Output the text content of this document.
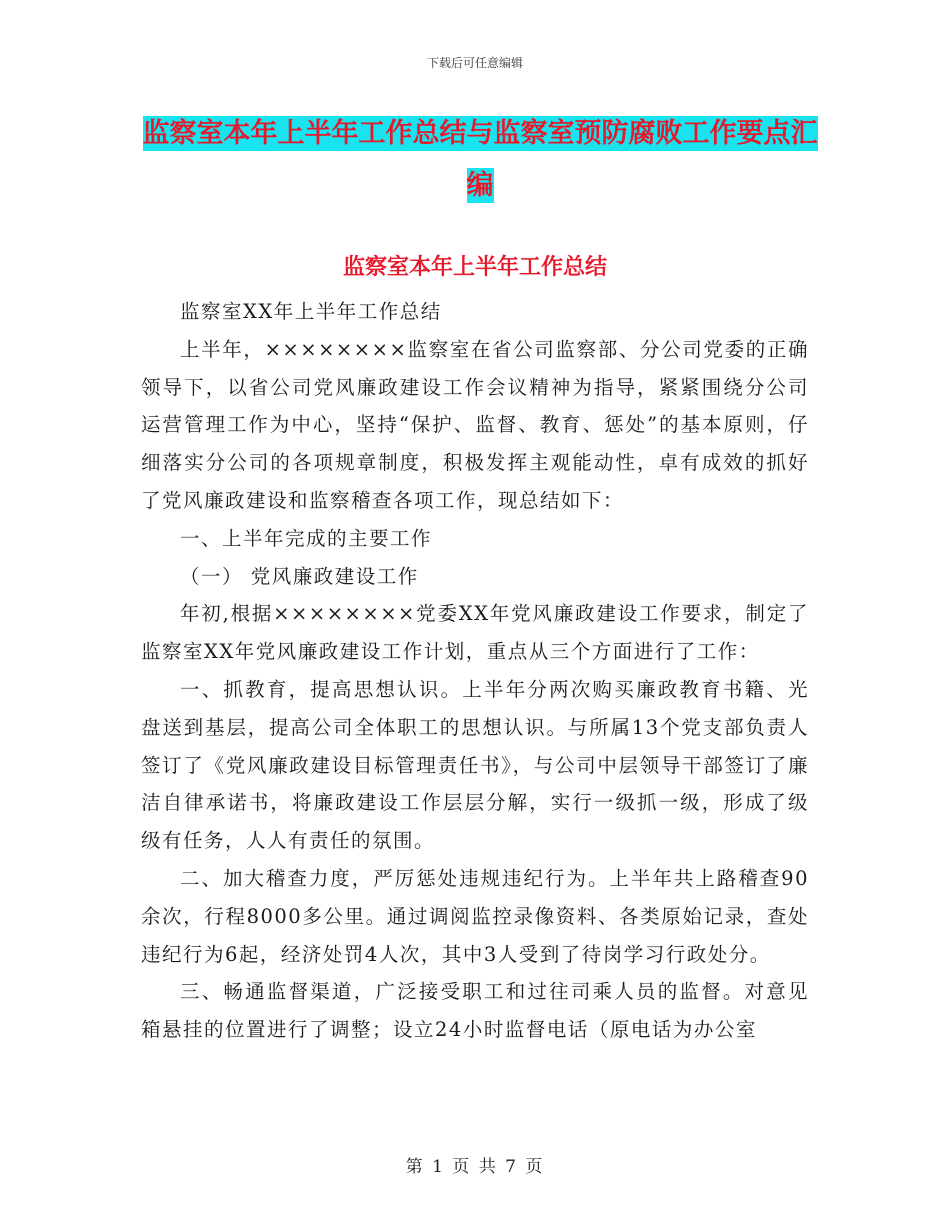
下载后可任意编辑
监察室本年上半年工作总结与监察室预防腐败工作要点汇编
监察室本年上半年工作总结

监察室XX年上半年工作总结

上半年，××××××××监察室在省公司监察部、分公司党委的正确领导下，以省公司党风廉政建设工作会议精神为指导，紧紧围绕分公司运营管理工作为中心，坚持“保护、监督、教育、惩处”的基本原则，仔细落实分公司的各项规章制度，积极发挥主观能动性，卓有成效的抓好了党风廉政建设和监察稽查各项工作，现总结如下：

一、上半年完成的主要工作

（一） 党风廉政建设工作

年初,根据××××××××党委XX年党风廉政建设工作要求，制定了监察室XX年党风廉政建设工作计划，重点从三个方面进行了工作：

一、抓教育，提高思想认识。上半年分两次购买廉政教育书籍、光盘送到基层，提高公司全体职工的思想认识。与所属13个党支部负责人签订了《党风廉政建设目标管理责任书》，与公司中层领导干部签订了廉洁自律承诺书，将廉政建设工作层层分解，实行一级抓一级，形成了级级有任务，人人有责任的氛围。

二、加大稽查力度，严厉惩处违规违纪行为。上半年共上路稽查90余次，行程8000多公里。通过调阅监控录像资料、各类原始记录，查处违纪行为6起，经济处罚4人次，其中3人受到了待岗学习行政处分。

三、畅通监督渠道，广泛接受职工和过往司乘人员的监督。对意见箱悬挂的位置进行了调整；设立24小时监督电话（原电话为办公室

第 1 页 共 7 页
